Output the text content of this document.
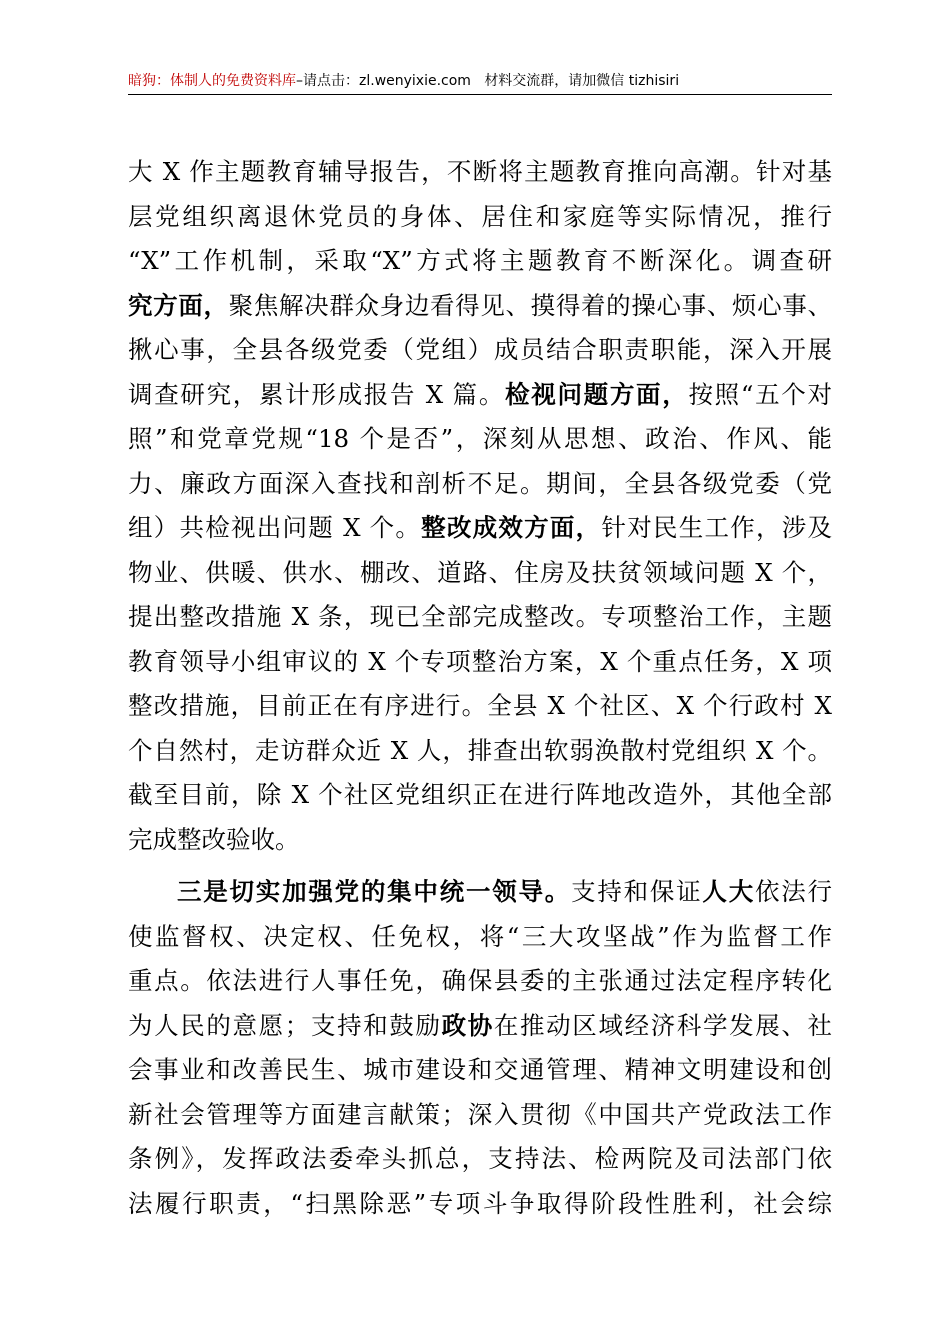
暗狗：体制人的免费资料库–请点击：zl.wenyixie.com 材料交流群，请加微信 tizhisiri
大 X 作主题教育辅导报告，不断将主题教育推向高潮。针对基
层党组织离退休党员的身体、居住和家庭等实际情况，推行
“X”工作机制，采取“X”方式将主题教育不断深化。调查研
究方面，聚焦解决群众身边看得见、摸得着的操心事、烦心事、
揪心事，全县各级党委（党组）成员结合职责职能，深入开展
调查研究，累计形成报告 X 篇。检视问题方面，按照“五个对
照”和党章党规“18 个是否”，深刻从思想、政治、作风、能
力、廉政方面深入查找和剖析不足。期间，全县各级党委（党
组）共检视出问题 X 个。整改成效方面，针对民生工作，涉及
物业、供暖、供水、棚改、道路、住房及扶贫领域问题 X 个，
提出整改措施 X 条，现已全部完成整改。专项整治工作，主题
教育领导小组审议的 X 个专项整治方案，X 个重点任务，X 项
整改措施，目前正在有序进行。全县 X 个社区、X 个行政村 X
个自然村，走访群众近 X 人，排查出软弱涣散村党组织 X 个。
截至目前，除 X 个社区党组织正在进行阵地改造外，其他全部
完成整改验收。
三是切实加强党的集中统一领导。支持和保证人大依法行
使监督权、决定权、任免权，将“三大攻坚战”作为监督工作
重点。依法进行人事任免，确保县委的主张通过法定程序转化
为人民的意愿；支持和鼓励政协在推动区域经济科学发展、社
会事业和改善民生、城市建设和交通管理、精神文明建设和创
新社会管理等方面建言献策；深入贯彻《中国共产党政法工作
条例》，发挥政法委牵头抓总，支持法、检两院及司法部门依
法履行职责，“扫黑除恶”专项斗争取得阶段性胜利，社会综
